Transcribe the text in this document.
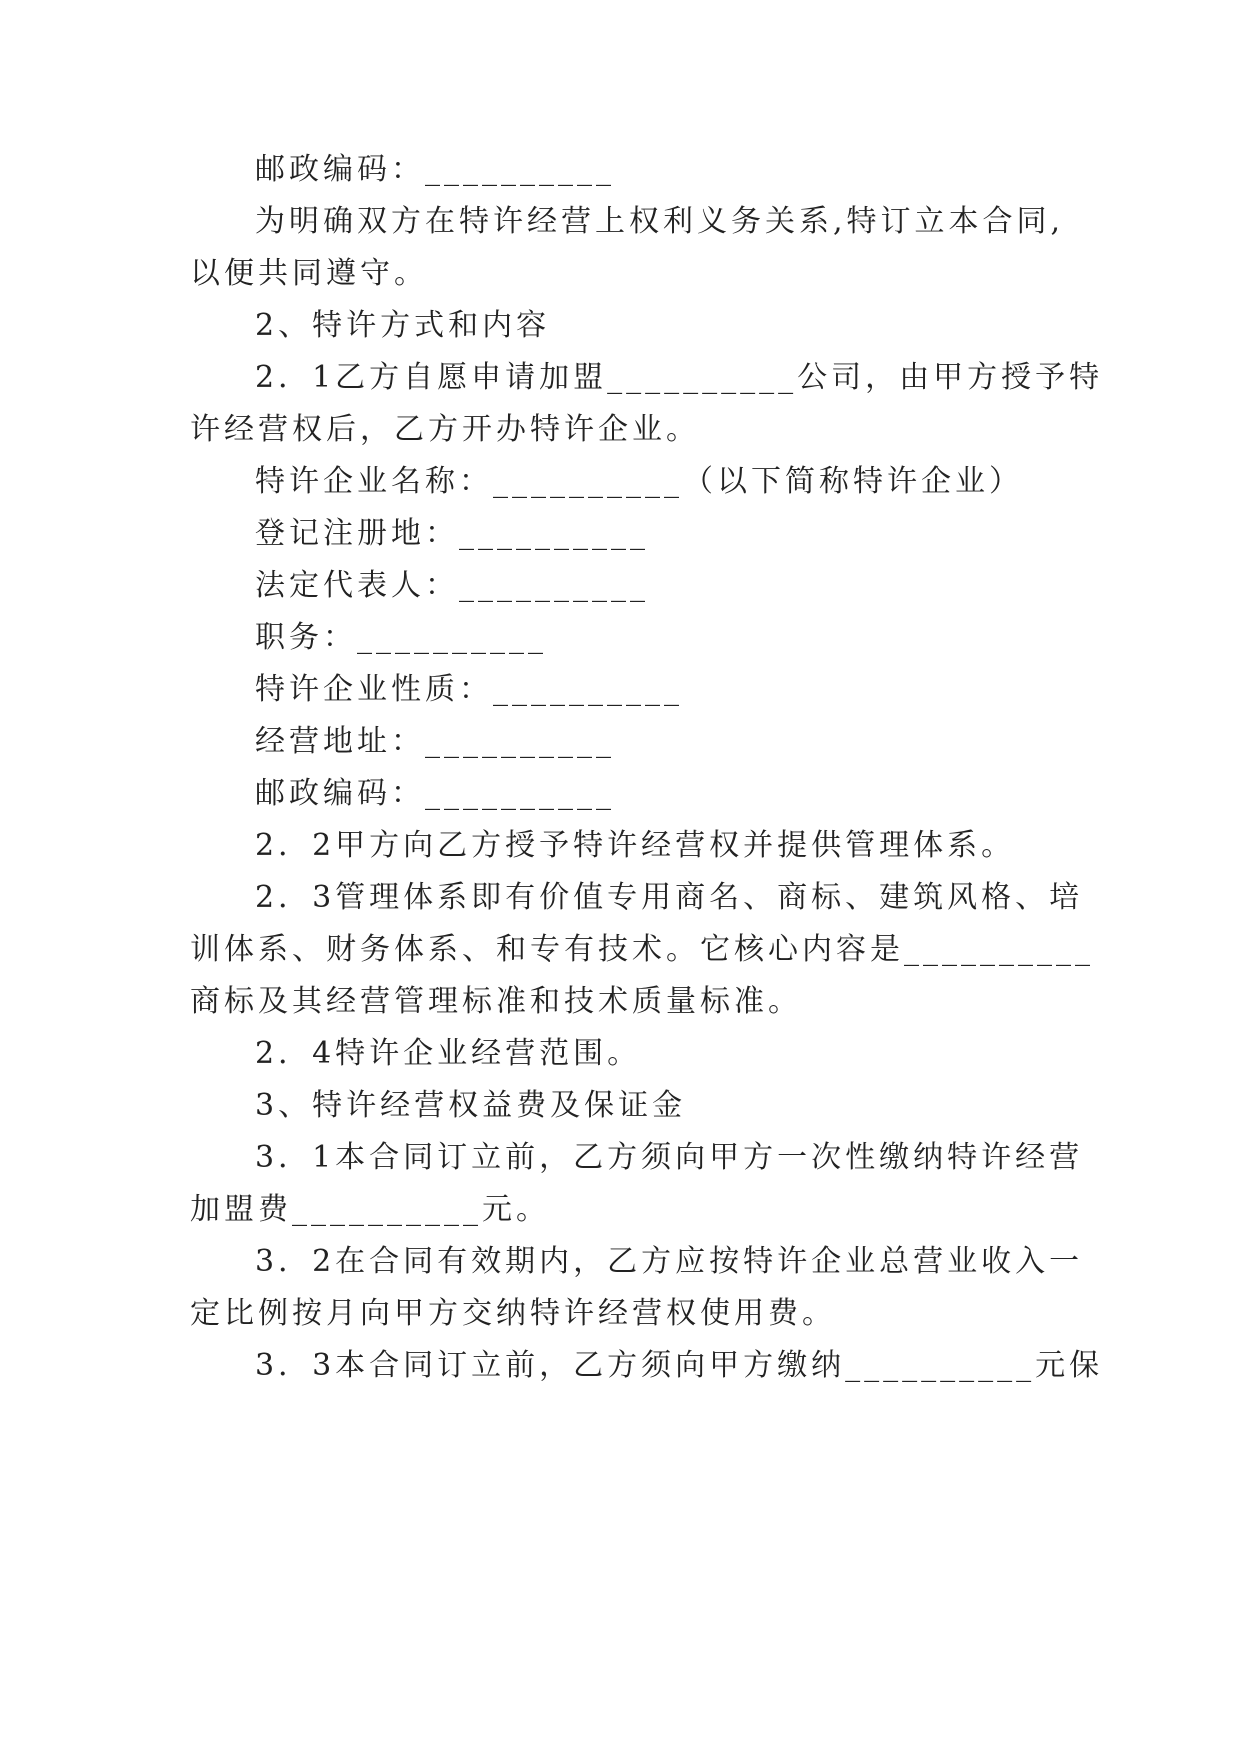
邮政编码：__________
为明确双方在特许经营上权利义务关系,特订立本合同,
以便共同遵守。
2、特许方式和内容
2．1乙方自愿申请加盟__________公司，由甲方授予特
许经营权后，乙方开办特许企业。
特许企业名称：__________（以下简称特许企业）
登记注册地：__________
法定代表人：__________
职务：__________
特许企业性质：__________
经营地址：__________
邮政编码：__________
2．2甲方向乙方授予特许经营权并提供管理体系。
2．3管理体系即有价值专用商名、商标、建筑风格、培
训体系、财务体系、和专有技术。它核心内容是__________
商标及其经营管理标准和技术质量标准。
2．4特许企业经营范围。
3、特许经营权益费及保证金
3．1本合同订立前，乙方须向甲方一次性缴纳特许经营
加盟费__________元。
3．2在合同有效期内，乙方应按特许企业总营业收入一
定比例按月向甲方交纳特许经营权使用费。
3．3本合同订立前，乙方须向甲方缴纳__________元保
